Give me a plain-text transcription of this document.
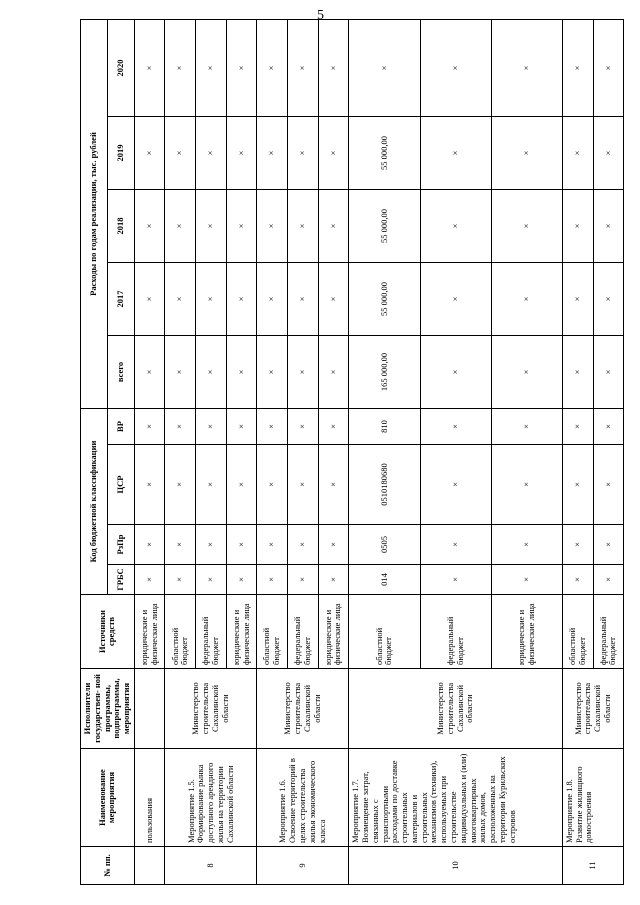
5
№ пп.	Наименование мероприятия	Исполнители государствен- ной программы, подпрограммы, мероприятия	Источники средств	Код бюджетной классификации				Расходы по годам реализации, тыс. рублей				
				ГРБС	РзПр	ЦСР	ВР	всего	2017	2018	2019	2020
	пользования		юридические и физические лица	×	×	×	×	×	×	×	×	×
8	Мероприятие 1.5. Формирование рынка доступного арендного жилья на территории Сахалинской области	Министерство строительства Сахалинской области	областной бюджет	×	×	×	×	×	×	×	×	×
			федеральный бюджет	×	×	×	×	×	×	×	×	×
			юридические и физические лица	×	×	×	×	×	×	×	×	×
9	Мероприятие 1.6. Освоение территорий в целях строительства жилья экономического класса	Министерство строительства Сахалинской области	областной бюджет	×	×	×	×	×	×	×	×	×
			федеральный бюджет	×	×	×	×	×	×	×	×	×
			юридические и физические лица	×	×	×	×	×	×	×	×	×
10	Мероприятие 1.7. Возмещение затрат, связанных с транспортными расходами по доставке строительных материалов и строительных механизмов (техники), используемых при строительстве индивидуальных и (или) многоквартирных жилых домов, расположенных на территории Курильских островов	Министерство строительства Сахалинской области	областной бюджет	014	0505	0510180680	810	165 000,00	55 000,00	55 000,00	55 000,00	×
			федеральный бюджет	×	×	×	×	×	×	×	×	×
			юридические и физические лица	×	×	×	×	×	×	×	×	×
11	Мероприятие 1.8. Развитие жилищного домостроения	Министерство строительства Сахалинской области	областной бюджет	×	×	×	×	×	×	×	×	×
			федеральный бюджет	×	×	×	×	×	×	×	×	×
